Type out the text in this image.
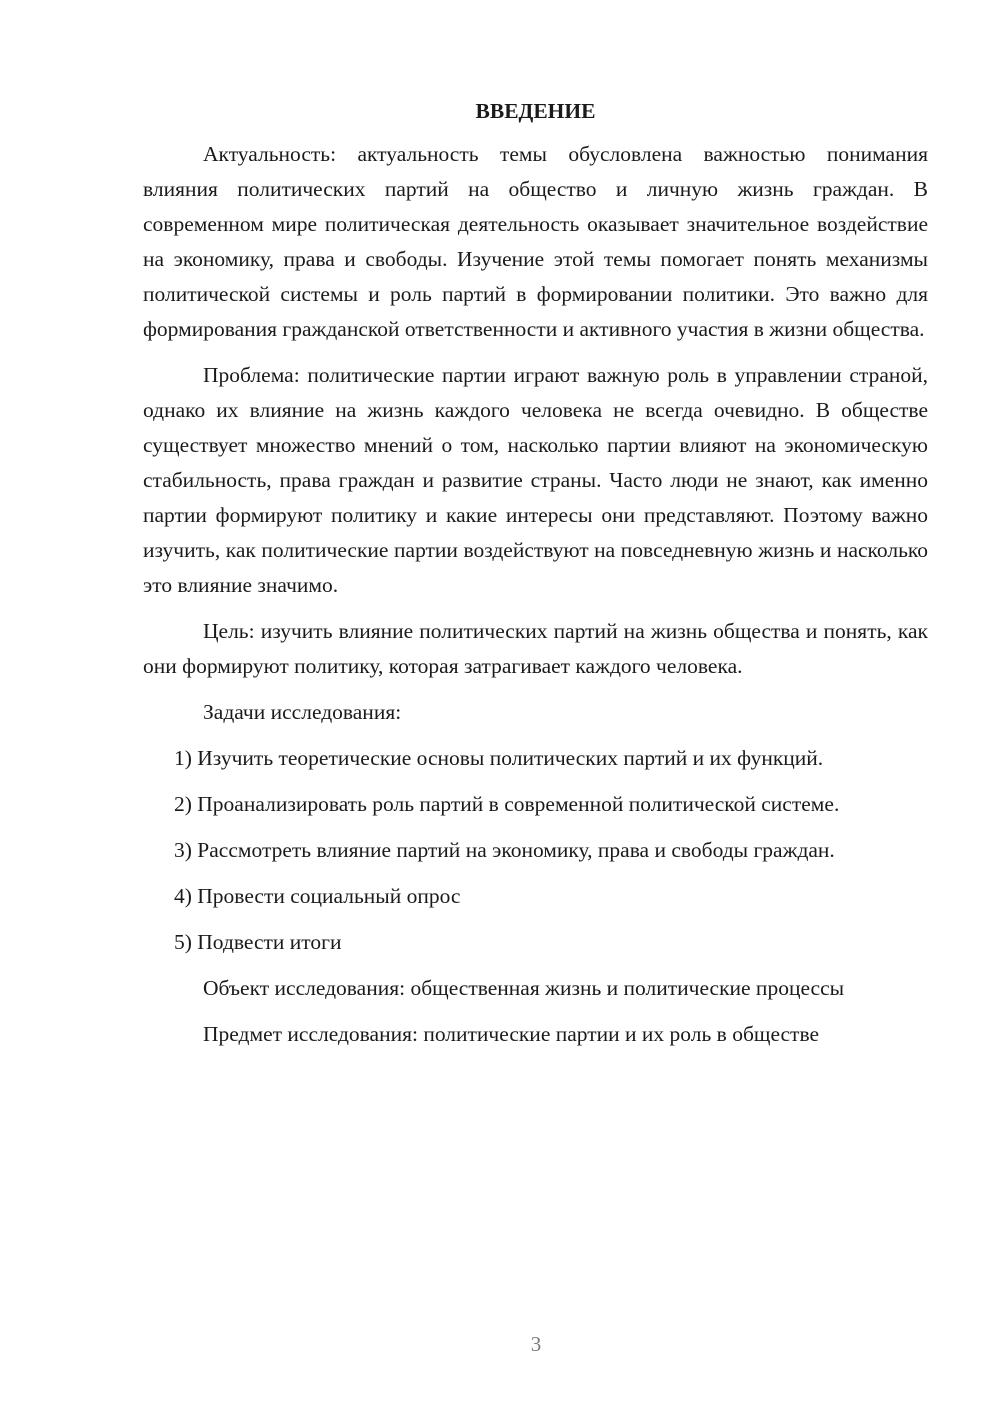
ВВЕДЕНИЕ

Актуальность: актуальность темы обусловлена важностью понимания влияния политических партий на общество и личную жизнь граждан. В современном мире политическая деятельность оказывает значительное воздействие на экономику, права и свободы. Изучение этой темы помогает понять механизмы политической системы и роль партий в формировании политики. Это важно для формирования гражданской ответственности и активного участия в жизни общества.

Проблема: политические партии играют важную роль в управлении страной, однако их влияние на жизнь каждого человека не всегда очевидно. В обществе существует множество мнений о том, насколько партии влияют на экономическую стабильность, права граждан и развитие страны. Часто люди не знают, как именно партии формируют политику и какие интересы они представляют. Поэтому важно изучить, как политические партии воздействуют на повседневную жизнь и насколько это влияние значимо.

Цель: изучить влияние политических партий на жизнь общества и понять, как они формируют политику, которая затрагивает каждого человека.

Задачи исследования:

1) Изучить теоретические основы политических партий и их функций.

2) Проанализировать роль партий в современной политической системе.

3) Рассмотреть влияние партий на экономику, права и свободы граждан.

4) Провести социальный опрос

5) Подвести итоги

Объект исследования: общественная жизнь и политические процессы

Предмет исследования: политические партии и их роль в обществе

3
